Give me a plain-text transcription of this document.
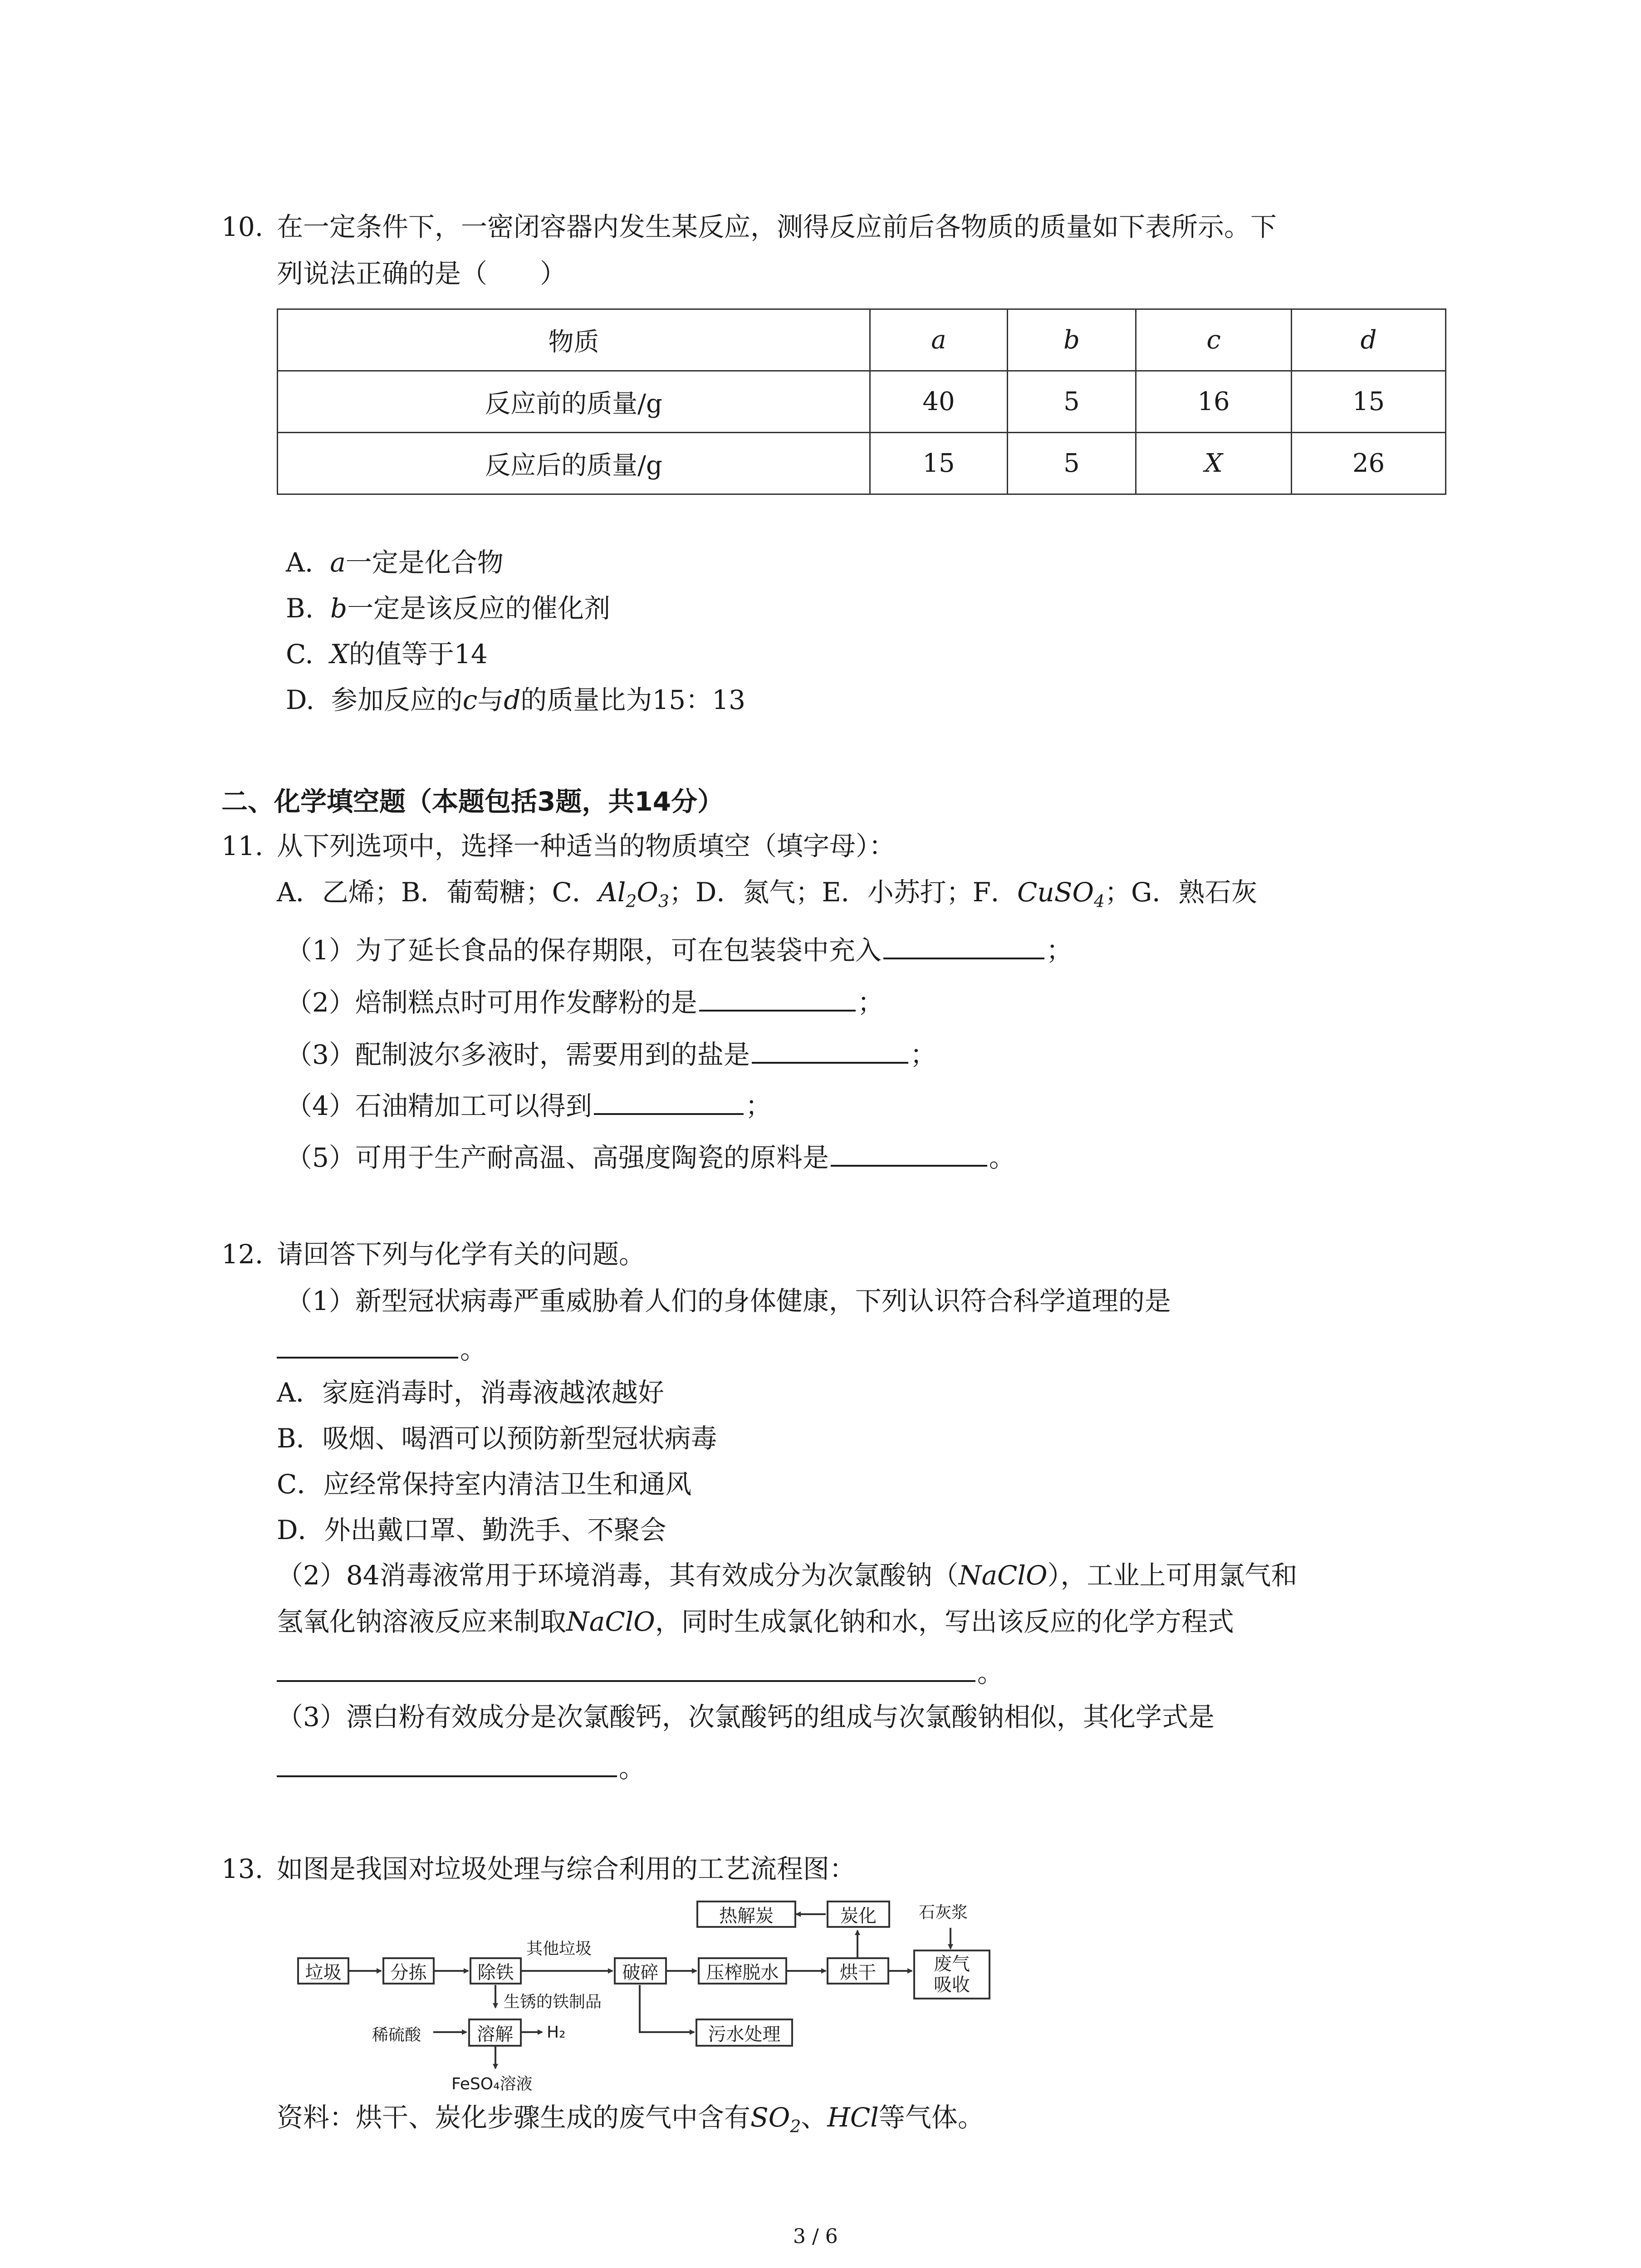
10. 在一定条件下，一密闭容器内发生某反应，测得反应前后各物质的质量如下表所示。下
列说法正确的是（　　）
物质	a	b	c	d
反应前的质量/g	40	5	16	15
反应后的质量/g	15	5	X	26
A. a一定是化合物
B. b一定是该反应的催化剂
C. X的值等于14
D. 参加反应的c与d的质量比为15：13
二、化学填空题（本题包括3题，共14分）
11. 从下列选项中，选择一种适当的物质填空（填字母）：
A．乙烯；B．葡萄糖；C．$Al_2O_3$；D．氮气；E．小苏打；F．CuSO$_4$；G．熟石灰
（1）为了延长食品的保存期限，可在包装袋中充入	；
（2）焙制糕点时可用作发酵粉的是	；
（3）配制波尔多液时，需要用到的盐是	；
（4）石油精加工可以得到	；
（5）可用于生产耐高温、高强度陶瓷的原料是	。
12. 请回答下列与化学有关的问题。
（1）新型冠状病毒严重威胁着人们的身体健康，下列认识符合科学道理的是
。
A．家庭消毒时，消毒液越浓越好
B．吸烟、喝酒可以预防新型冠状病毒
C．应经常保持室内清洁卫生和通风
D．外出戴口罩、勤洗手、不聚会
（2）84消毒液常用于环境消毒，其有效成分为次氯酸钠（NaClO），工业上可用氯气和
氢氧化钠溶液反应来制取NaClO，同时生成氯化钠和水，写出该反应的化学方程式
。
（3）漂白粉有效成分是次氯酸钙，次氯酸钙的组成与次氯酸钠相似，其化学式是
。
13. 如图是我国对垃圾处理与综合利用的工艺流程图：
垃圾	分拣	除铁	破碎	压榨脱水	烘干	废气吸收
热解炭	炭化
溶解	污水处理
其他垃圾
生锈的铁制品
稀硫酸	H₂
石灰浆
FeSO₄溶液
资料：烘干、炭化步骤生成的废气中含有$SO_2$、HCl等气体。
3 / 6
